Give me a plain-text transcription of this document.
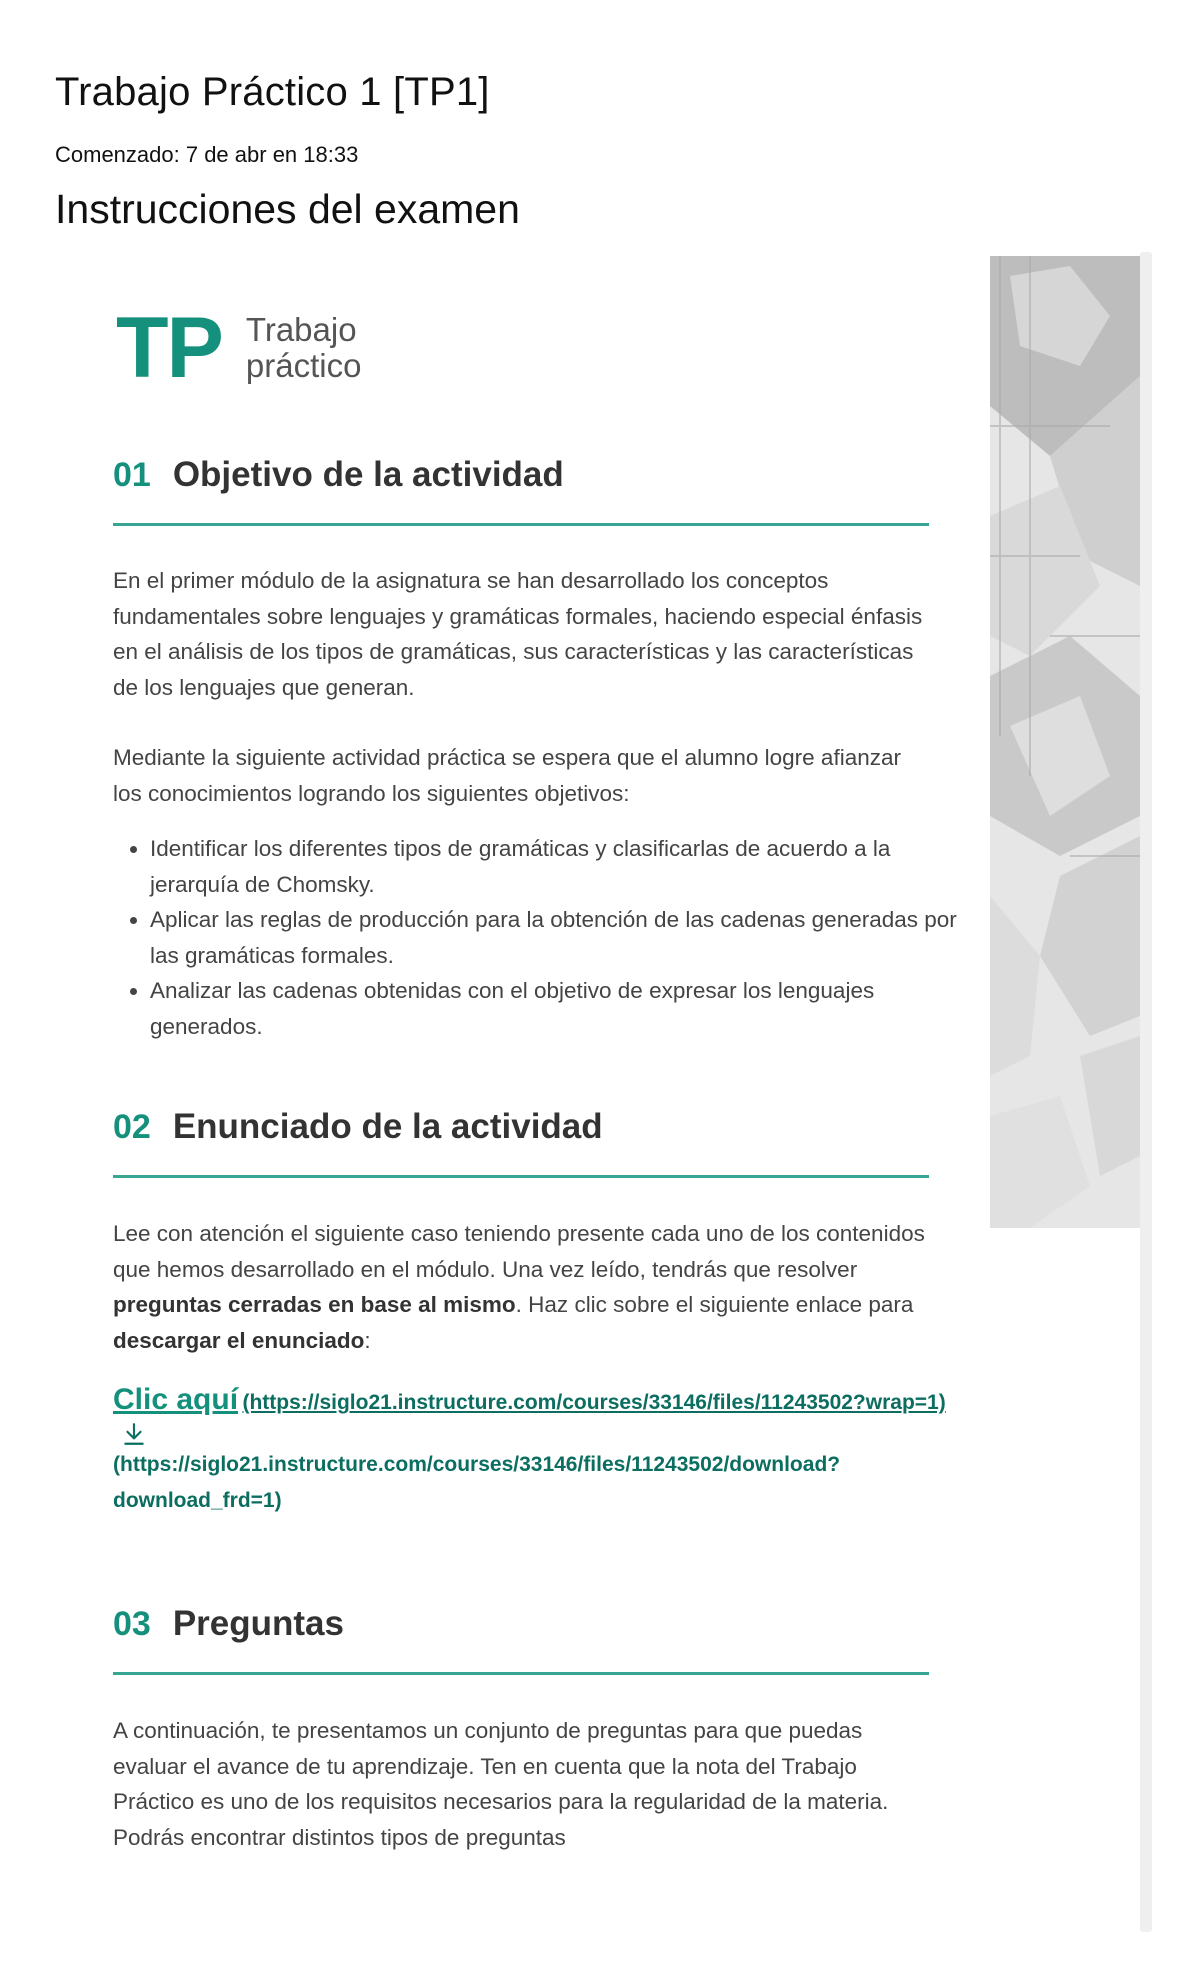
Trabajo Práctico 1 [TP1]
Comenzado: 7 de abr en 18:33
Instrucciones del examen
TP Trabajo
práctico
01 Objetivo de la actividad

En el primer módulo de la asignatura se han desarrollado los conceptos fundamentales sobre lenguajes y gramáticas formales, haciendo especial énfasis en el análisis de los tipos de gramáticas, sus características y las características de los lenguajes que generan.

Mediante la siguiente actividad práctica se espera que el alumno logre afianzar los conocimientos logrando los siguientes objetivos:

• Identificar los diferentes tipos de gramáticas y clasificarlas de acuerdo a la jerarquía de Chomsky.
• Aplicar las reglas de producción para la obtención de las cadenas generadas por las gramáticas formales.
• Analizar las cadenas obtenidas con el objetivo de expresar los lenguajes generados.
02 Enunciado de la actividad

Lee con atención el siguiente caso teniendo presente cada uno de los contenidos que hemos desarrollado en el módulo. Una vez leído, tendrás que resolver preguntas cerradas en base al mismo. Haz clic sobre el siguiente enlace para descargar el enunciado:

Clic aquí (https://siglo21.instructure.com/courses/33146/files/11243502?wrap=1)
(https://siglo21.instructure.com/courses/33146/files/11243502/download?download_frd=1)
03 Preguntas

A continuación, te presentamos un conjunto de preguntas para que puedas evaluar el avance de tu aprendizaje. Ten en cuenta que la nota del Trabajo Práctico es uno de los requisitos necesarios para la regularidad de la materia. Podrás encontrar distintos tipos de preguntas
